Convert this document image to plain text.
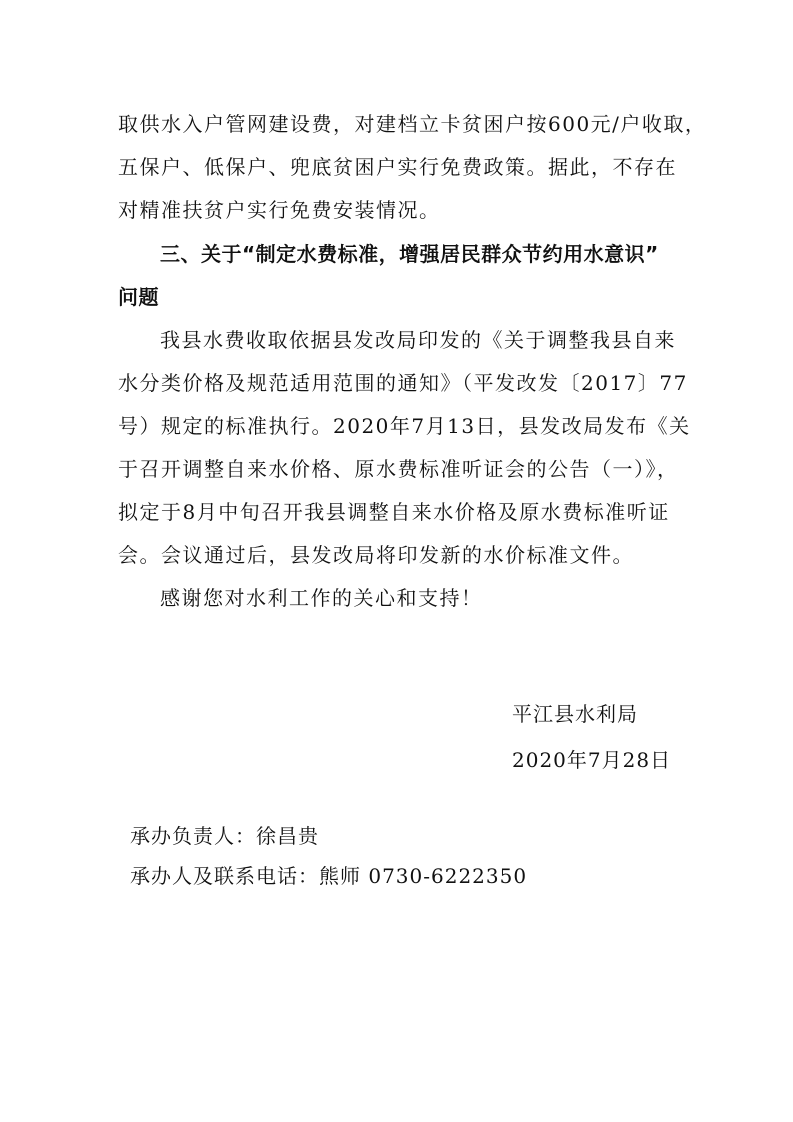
取供水入户管网建设费，对建档立卡贫困户按600元/户收取，
五保户、低保户、兜底贫困户实行免费政策。据此，不存在
对精准扶贫户实行免费安装情况。
三、关于“制定水费标准，增强居民群众节约用水意识”
问题
我县水费收取依据县发改局印发的《关于调整我县自来
水分类价格及规范适用范围的通知》（平发改发〔2017〕77
号）规定的标准执行。2020年7月13日，县发改局发布《关
于召开调整自来水价格、原水费标准听证会的公告（一）》，
拟定于8月中旬召开我县调整自来水价格及原水费标准听证
会。会议通过后，县发改局将印发新的水价标准文件。
感谢您对水利工作的关心和支持！
平江县水利局
2020年7月28日
承办负责人：徐昌贵
承办人及联系电话：熊师 0730-6222350
